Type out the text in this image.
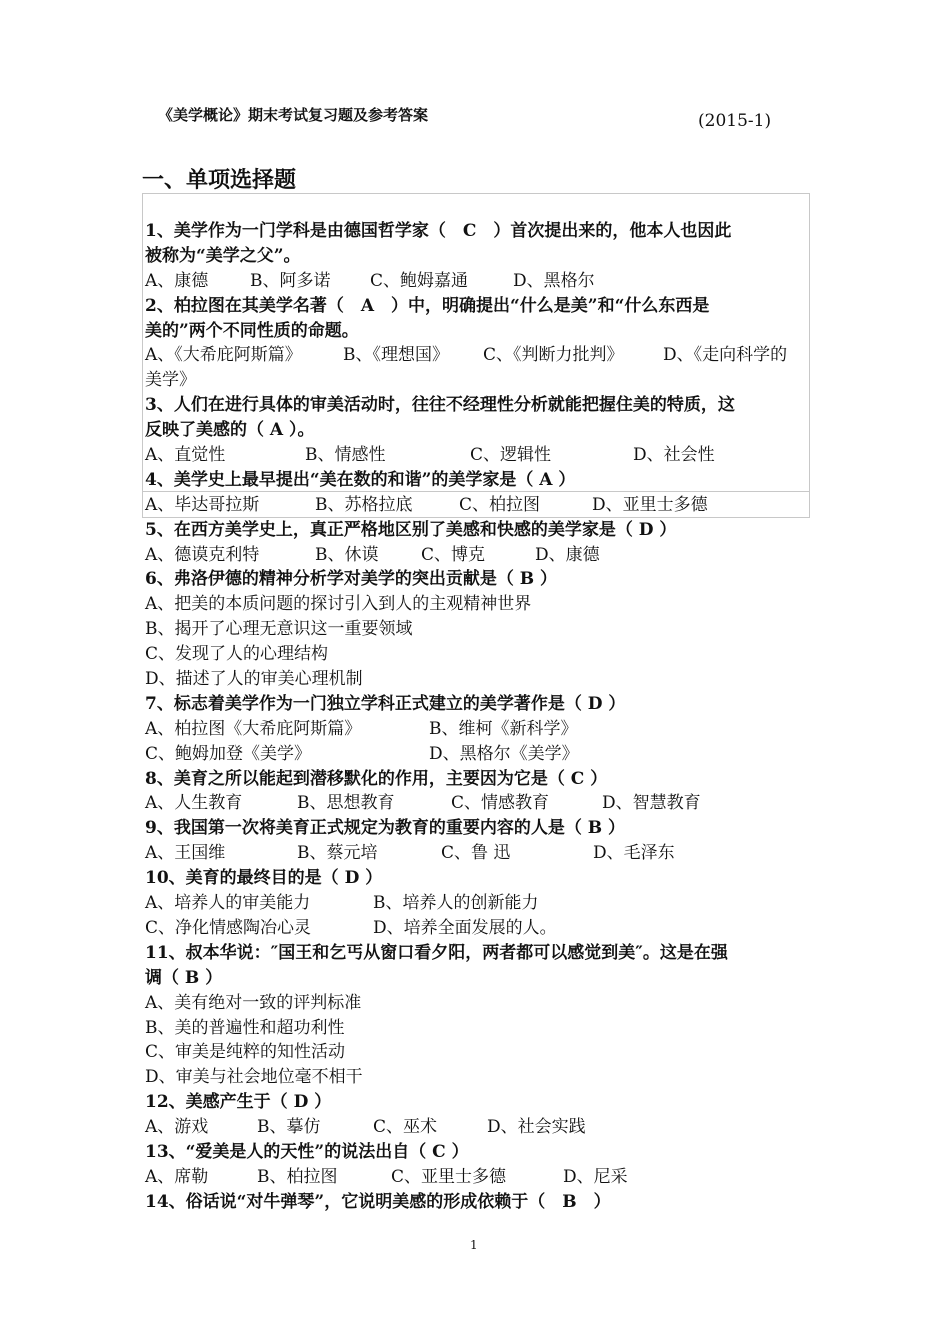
《美学概论》期末考试复习题及参考答案	(2015-1)
一、单项选择题
1、美学作为一门学科是由德国哲学家（　C　）首次提出来的，他本人也因此
被称为“美学之父”。
A、康德 B、阿多诺 C、鲍姆嘉通	D、黑格尔
2、柏拉图在其美学名著（　A　）中，明确提出“什么是美”和“什么东西是
美的”两个不同性质的命题。
A、《大希庇阿斯篇》 B、《理想国》 C、《判断力批判》 D、《走向科学的
美学》
3、人们在进行具体的审美活动时，往往不经理性分析就能把握住美的特质，这
反映了美感的（ A ）。
A、直觉性	B、情感性	C、逻辑性	D、社会性
4、美学史上最早提出“美在数的和谐”的美学家是（ A ）
A、毕达哥拉斯	B、苏格拉底	C、柏拉图	D、亚里士多德
5、在西方美学史上，真正严格地区别了美感和快感的美学家是（ D ）
A、德谟克利特	B、休谟	C、博克	D、康德
6、弗洛伊德的精神分析学对美学的突出贡献是（ B ）
A、把美的本质问题的探讨引入到人的主观精神世界
B、揭开了心理无意识这一重要领域
C、发现了人的心理结构
D、描述了人的审美心理机制
7、标志着美学作为一门独立学科正式建立的美学著作是（ D ）
A、柏拉图《大希庇阿斯篇》	B、维柯《新科学》
C、鲍姆加登《美学》	D、黑格尔《美学》
8、美育之所以能起到潜移默化的作用，主要因为它是（ C ）
A、人生教育	B、思想教育	C、情感教育	D、智慧教育
9、我国第一次将美育正式规定为教育的重要内容的人是（ B ）
A、王国维	B、蔡元培	C、鲁 迅	D、毛泽东
10、美育的最终目的是（ D ）
A、培养人的审美能力	B、培养人的创新能力
C、净化情感陶冶心灵	D、培养全面发展的人。
11、叔本华说：″国王和乞丐从窗口看夕阳，两者都可以感觉到美″。这是在强
调（ B ）
A、美有绝对一致的评判标准
B、美的普遍性和超功利性
C、审美是纯粹的知性活动
D、审美与社会地位毫不相干
12、美感产生于（ D ）
A、游戏	B、摹仿	C、巫术	D、社会实践
13、“爱美是人的天性”的说法出自（ C ）
A、席勒	B、柏拉图	C、亚里士多德	D、尼采
14、俗话说“对牛弹琴”，它说明美感的形成依赖于（　B　）
1
